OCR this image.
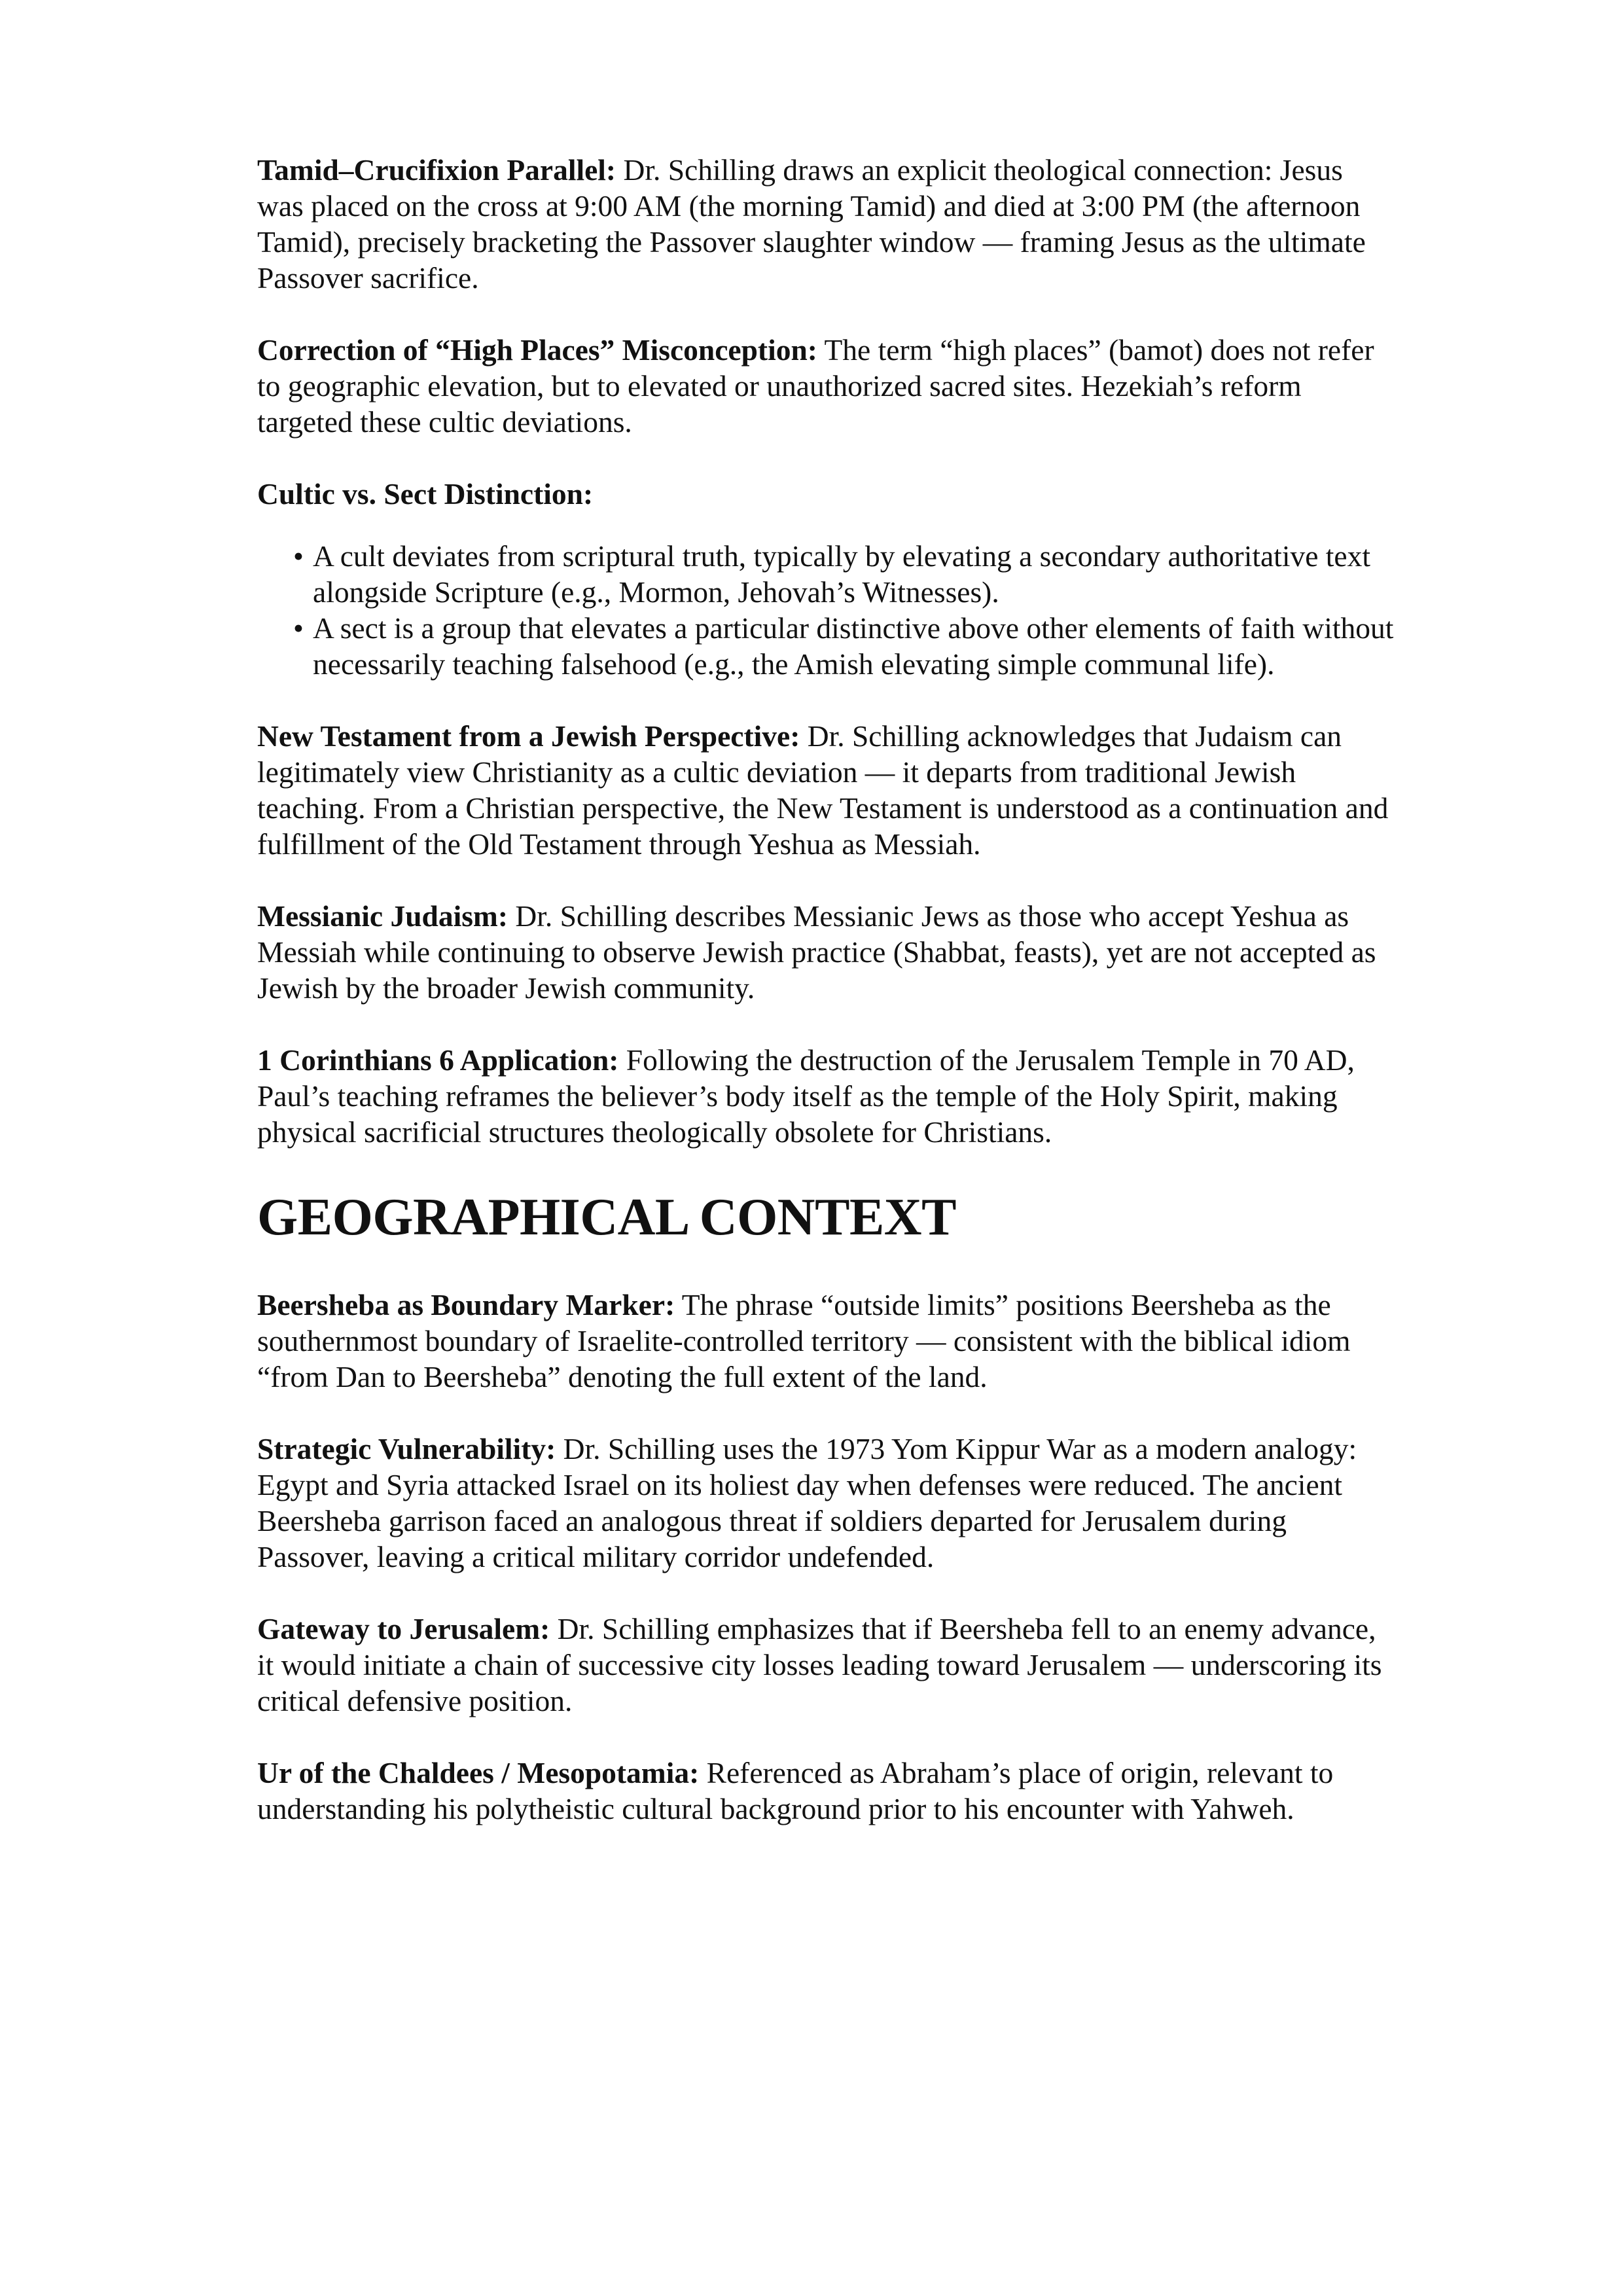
Tamid–Crucifixion Parallel: Dr. Schilling draws an explicit theological connection: Jesus was placed on the cross at 9:00 AM (the morning Tamid) and died at 3:00 PM (the afternoon Tamid), precisely bracketing the Passover slaughter window — framing Jesus as the ultimate Passover sacrifice.

Correction of “High Places” Misconception: The term “high places” (bamot) does not refer to geographic elevation, but to elevated or unauthorized sacred sites. Hezekiah’s reform targeted these cultic deviations.

Cultic vs. Sect Distinction:

• A cult deviates from scriptural truth, typically by elevating a secondary authoritative text alongside Scripture (e.g., Mormon, Jehovah’s Witnesses).
• A sect is a group that elevates a particular distinctive above other elements of faith without necessarily teaching falsehood (e.g., the Amish elevating simple communal life).

New Testament from a Jewish Perspective: Dr. Schilling acknowledges that Judaism can legitimately view Christianity as a cultic deviation — it departs from traditional Jewish teaching. From a Christian perspective, the New Testament is understood as a continuation and fulfillment of the Old Testament through Yeshua as Messiah.

Messianic Judaism: Dr. Schilling describes Messianic Jews as those who accept Yeshua as Messiah while continuing to observe Jewish practice (Shabbat, feasts), yet are not accepted as Jewish by the broader Jewish community.

1 Corinthians 6 Application: Following the destruction of the Jerusalem Temple in 70 AD, Paul’s teaching reframes the believer’s body itself as the temple of the Holy Spirit, making physical sacrificial structures theologically obsolete for Christians.

GEOGRAPHICAL CONTEXT

Beersheba as Boundary Marker: The phrase “outside limits” positions Beersheba as the southernmost boundary of Israelite-controlled territory — consistent with the biblical idiom “from Dan to Beersheba” denoting the full extent of the land.

Strategic Vulnerability: Dr. Schilling uses the 1973 Yom Kippur War as a modern analogy: Egypt and Syria attacked Israel on its holiest day when defenses were reduced. The ancient Beersheba garrison faced an analogous threat if soldiers departed for Jerusalem during Passover, leaving a critical military corridor undefended.

Gateway to Jerusalem: Dr. Schilling emphasizes that if Beersheba fell to an enemy advance, it would initiate a chain of successive city losses leading toward Jerusalem — underscoring its critical defensive position.

Ur of the Chaldees / Mesopotamia: Referenced as Abraham’s place of origin, relevant to understanding his polytheistic cultural background prior to his encounter with Yahweh.
